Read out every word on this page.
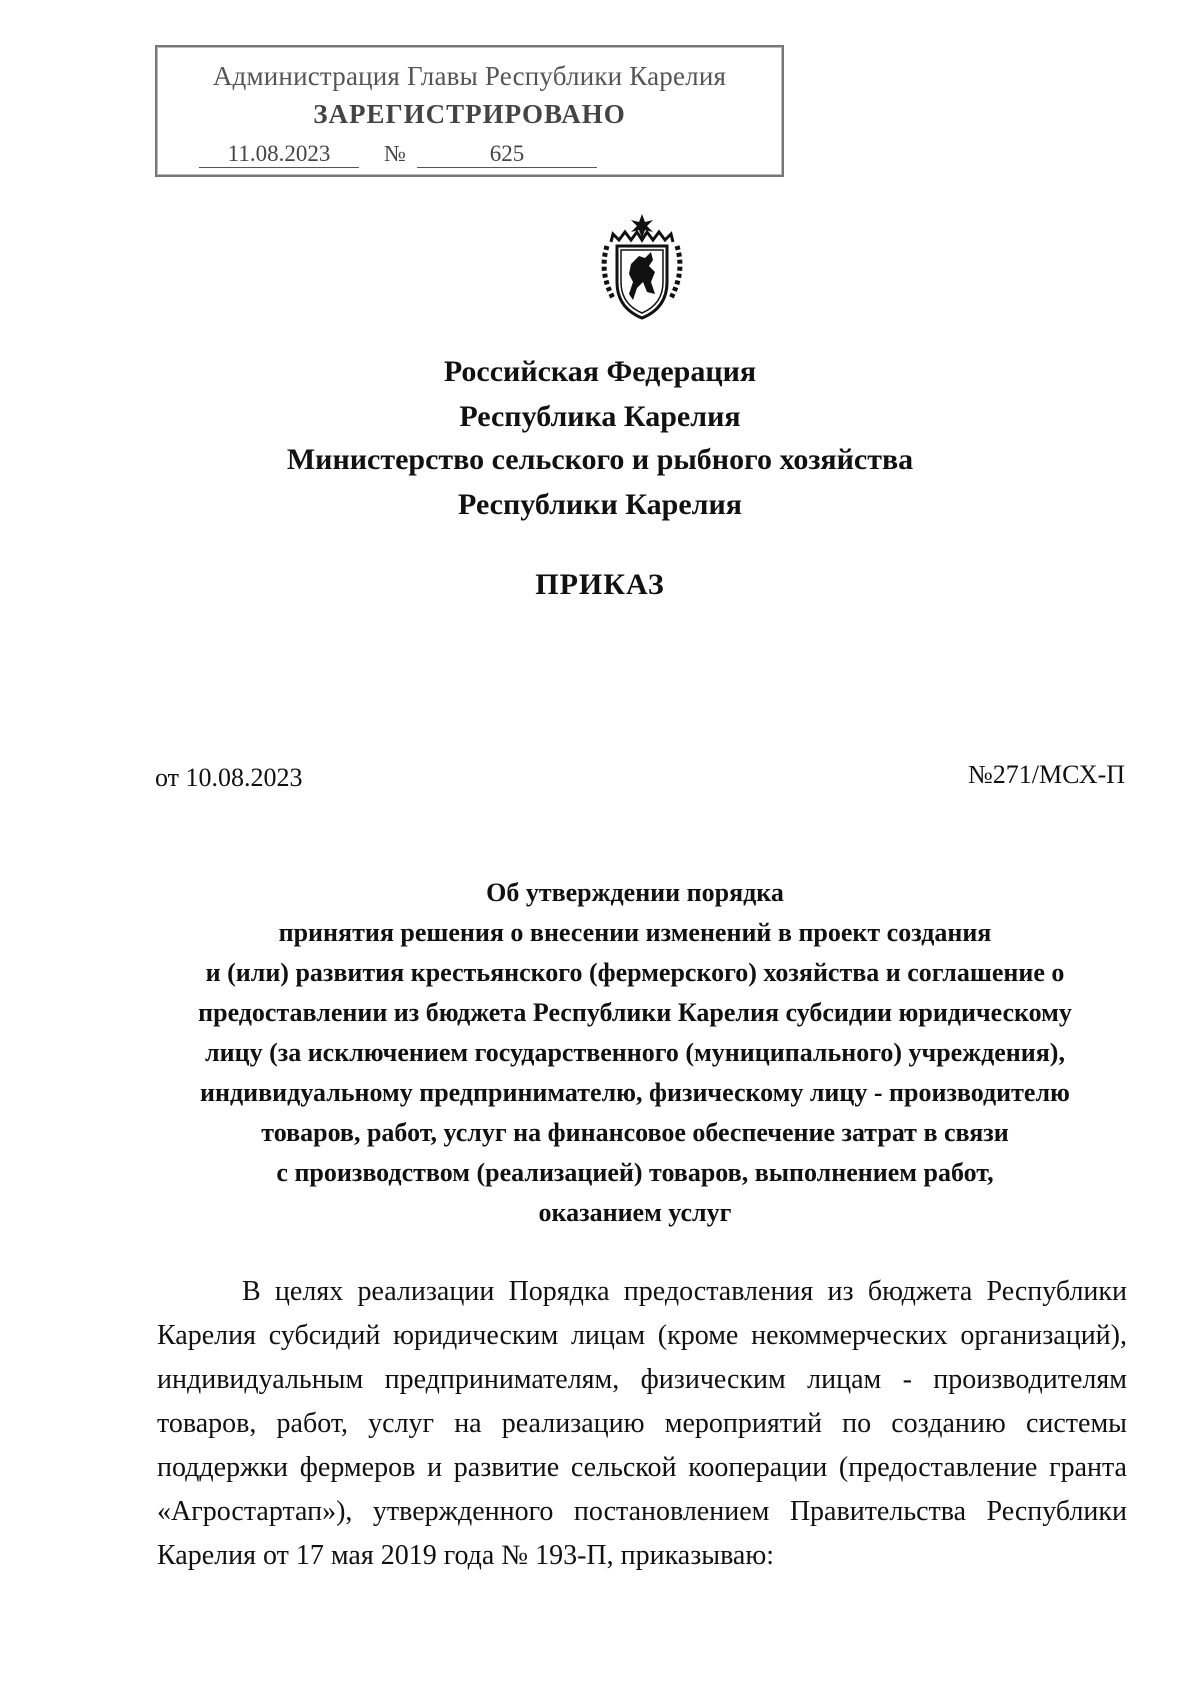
Администрация Главы Республики Карелия
ЗАРЕГИСТРИРОВАНО
11.08.2023	№	625
Российская Федерация
Республика Карелия
Министерство сельского и рыбного хозяйства
Республики Карелия
ПРИКАЗ
от 10.08.2023	№271/МСХ-П
Об утверждении порядка
принятия решения о внесении изменений в проект создания
и (или) развития крестьянского (фермерского) хозяйства и соглашение о
предоставлении из бюджета Республики Карелия субсидии юридическому
лицу (за исключением государственного (муниципального) учреждения),
индивидуальному предпринимателю, физическому лицу - производителю
товаров, работ, услуг на финансовое обеспечение затрат в связи
с производством (реализацией) товаров, выполнением работ,
оказанием услуг
В целях реализации Порядка предоставления из бюджета Республики
Карелия субсидий юридическим лицам (кроме некоммерческих организаций),
индивидуальным предпринимателям, физическим лицам - производителям
товаров, работ, услуг на реализацию мероприятий по созданию системы
поддержки фермеров и развитие сельской кооперации (предоставление гранта
«Агростартап»), утвержденного постановлением Правительства Республики
Карелия от 17 мая 2019 года № 193-П, приказываю:
